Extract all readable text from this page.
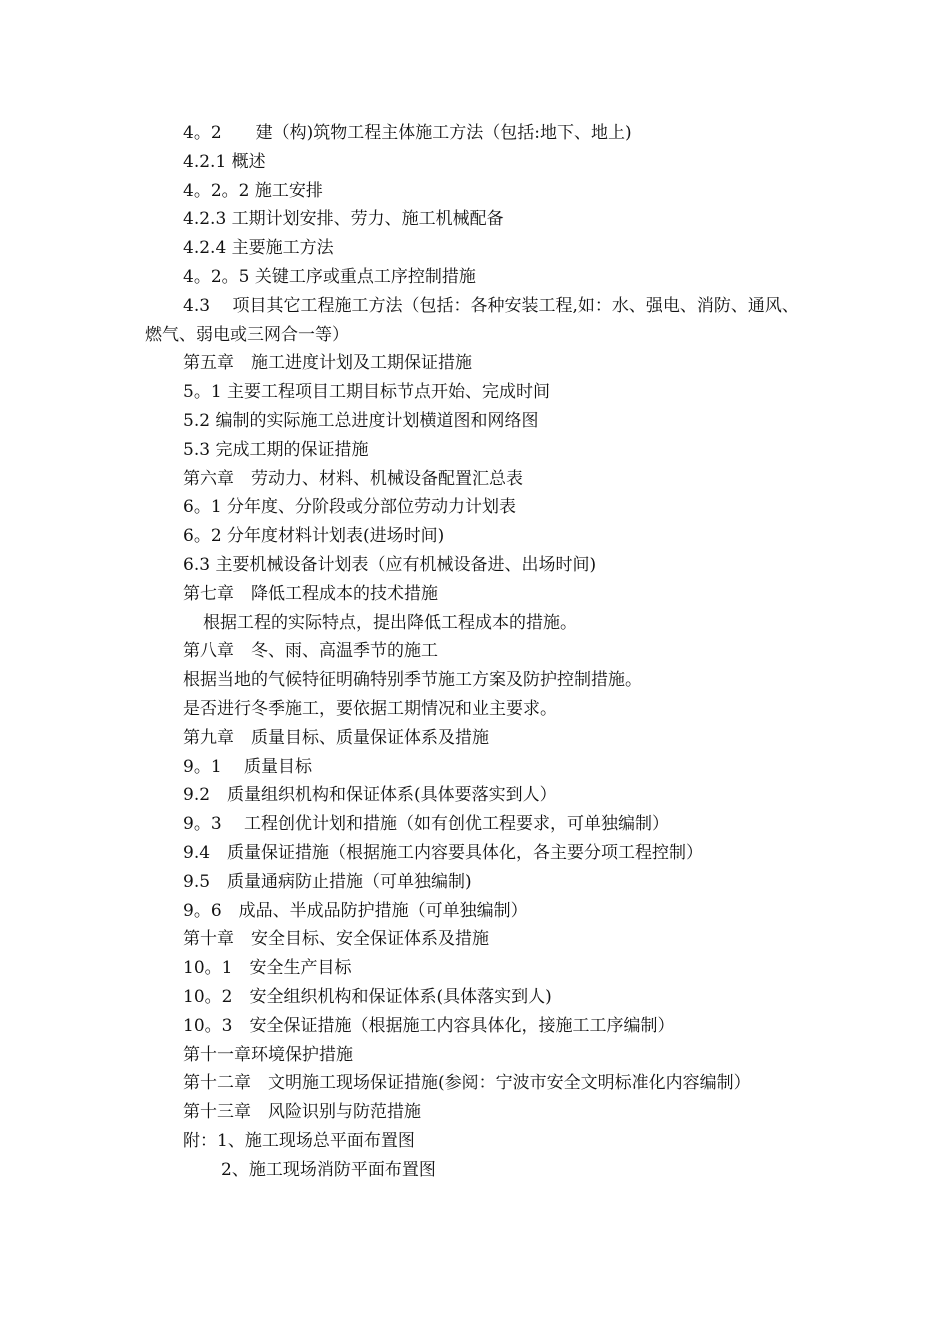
4。2　　建（构)筑物工程主体施工方法（包括:地下、地上)
4.2.1 概述
4。2。2 施工安排
4.2.3 工期计划安排、劳力、施工机械配备
4.2.4 主要施工方法
4。2。5 关键工序或重点工序控制措施
4.3　 项目其它工程施工方法（包括：各种安装工程,如：水、强电、消防、通风、燃气、弱电或三网合一等）
第五章　施工进度计划及工期保证措施
5。1 主要工程项目工期目标节点开始、完成时间
5.2 编制的实际施工总进度计划横道图和网络图
5.3 完成工期的保证措施
第六章　劳动力、材料、机械设备配置汇总表
6。1 分年度、分阶段或分部位劳动力计划表
6。2 分年度材料计划表(进场时间)
6.3 主要机械设备计划表（应有机械设备进、出场时间)
第七章　降低工程成本的技术措施
根据工程的实际特点，提出降低工程成本的措施。
第八章　冬、雨、高温季节的施工
根据当地的气候特征明确特别季节施工方案及防护控制措施。
是否进行冬季施工，要依据工期情况和业主要求。
第九章　质量目标、质量保证体系及措施
9。1　 质量目标
9.2　质量组织机构和保证体系(具体要落实到人）
9。3　 工程创优计划和措施（如有创优工程要求，可单独编制）
9.4　质量保证措施（根据施工内容要具体化，各主要分项工程控制）
9.5　质量通病防止措施（可单独编制)
9。6　成品、半成品防护措施（可单独编制）
第十章　安全目标、安全保证体系及措施
10。1　安全生产目标
10。2　安全组织机构和保证体系(具体落实到人)
10。3　安全保证措施（根据施工内容具体化，接施工工序编制）
第十一章环境保护措施
第十二章　文明施工现场保证措施(参阅：宁波市安全文明标准化内容编制）
第十三章　风险识别与防范措施
附：1、施工现场总平面布置图
2、施工现场消防平面布置图
